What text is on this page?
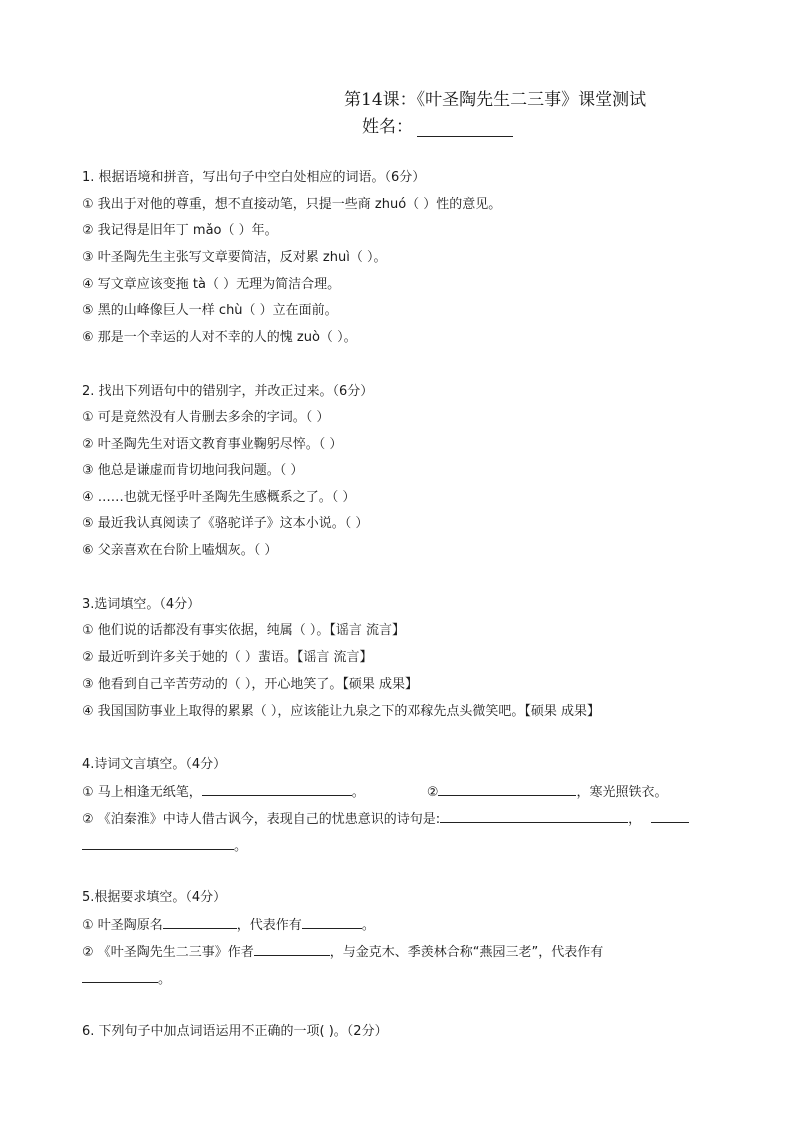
第14课：《叶圣陶先生二三事》课堂测试
姓名：
1. 根据语境和拼音，写出句子中空白处相应的词语。（6分）
① 我出于对他的尊重，想不直接动笔，只提一些商 zhuó（ ）性的意见。
② 我记得是旧年丁 mǎo（ ）年。
③ 叶圣陶先生主张写文章要简洁，反对累 zhuì（ ）。
④ 写文章应该变拖 tà（ ）无理为简洁合理。
⑤ 黑的山峰像巨人一样 chù（ ）立在面前。
⑥ 那是一个幸运的人对不幸的人的愧 zuò（ ）。
2. 找出下列语句中的错别字，并改正过来。（6分）
① 可是竟然没有人肯删去多余的字词。（ ）
② 叶圣陶先生对语文教育事业鞠躬尽悴。（ ）
③ 他总是谦虚而肯切地问我问题。（ ）
④ ……也就无怪乎叶圣陶先生感概系之了。（ ）
⑤ 最近我认真阅读了《骆驼详子》这本小说。（ ）
⑥ 父亲喜欢在台阶上嗑烟灰。（ ）
3.选词填空。（4分）
① 他们说的话都没有事实依据，纯属（ ）。【谣言 流言】
② 最近听到许多关于她的（ ）蜚语。【谣言 流言】
③ 他看到自己辛苦劳动的（ ），开心地笑了。【硕果 成果】
④ 我国国防事业上取得的累累（ ），应该能让九泉之下的邓稼先点头微笑吧。【硕果 成果】
4.诗词文言填空。（4分）
① 马上相逢无纸笔，	。	②	，寒光照铁衣。
② 《泊秦淮》中诗人借古讽今，表现自己的忧患意识的诗句是:	，
。
5.根据要求填空。（4分）
① 叶圣陶原名	，代表作有	。
② 《叶圣陶先生二三事》作者	，与金克木、季羡林合称“燕园三老”，代表作有
。
6. 下列句子中加点词语运用不正确的一项( )。（2分）
